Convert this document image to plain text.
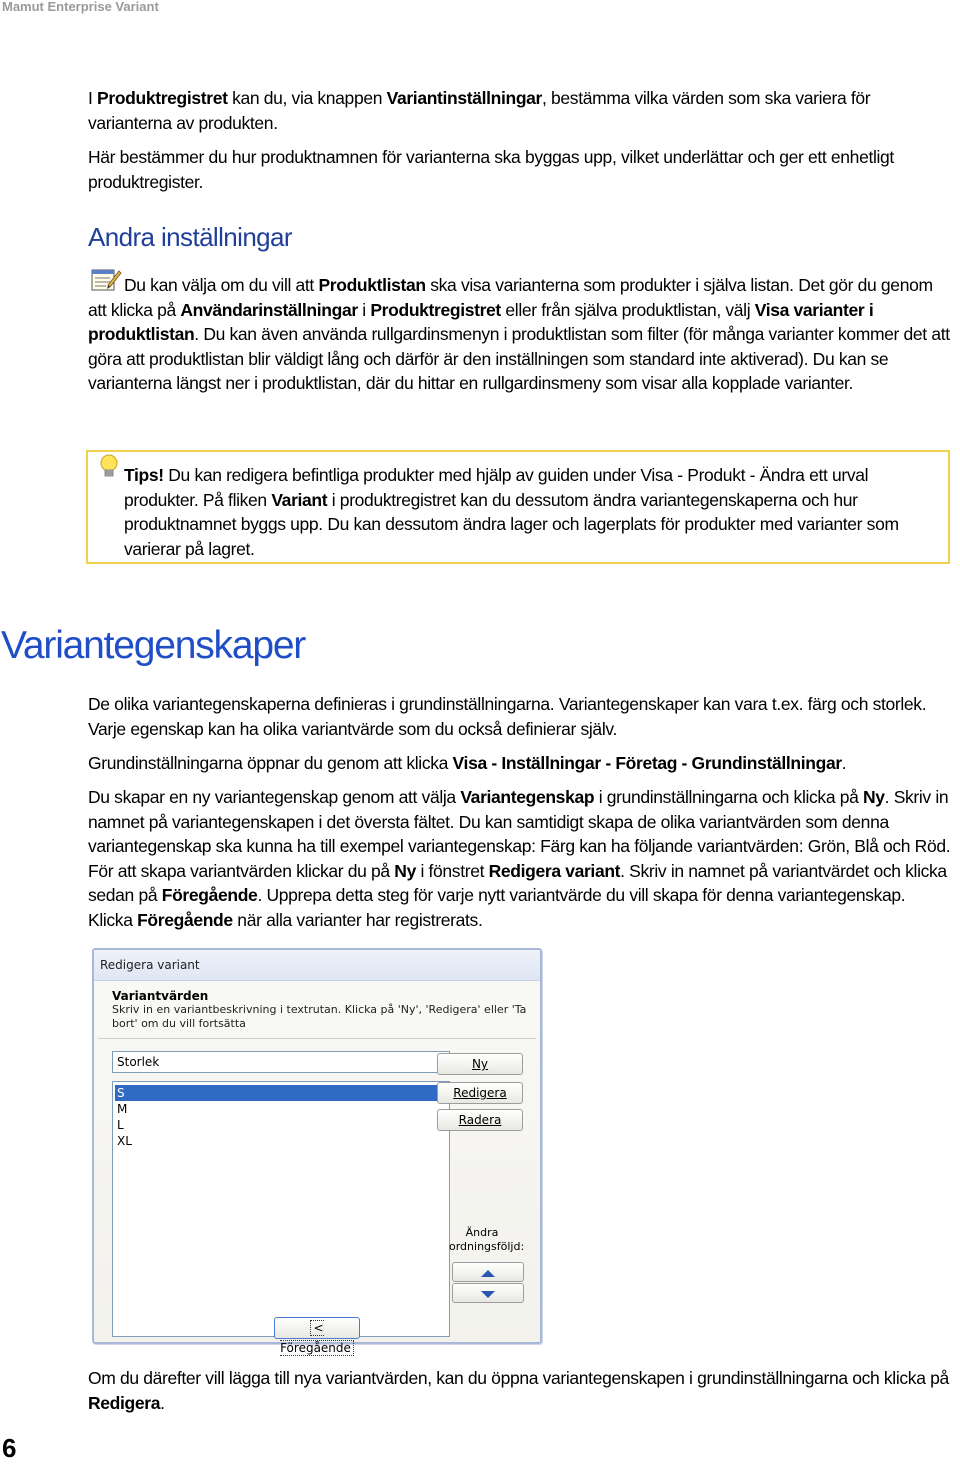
Mamut Enterprise Variant
I Produktregistret kan du, via knappen Variantinställningar, bestämma vilka värden som ska variera för varianterna av produkten.
Här bestämmer du hur produktnamnen för varianterna ska byggas upp, vilket underlättar och ger ett enhetligt produktregister.
Andra inställningar
Du kan välja om du vill att Produktlistan ska visa varianterna som produkter i själva listan. Det gör du genom att klicka på Användarinställningar i Produktregistret eller från själva produktlistan, välj Visa varianter i produktlistan. Du kan även använda rullgardinsmenyn i produktlistan som filter (för många varianter kommer det att göra att produktlistan blir väldigt lång och därför är den inställningen som standard inte aktiverad). Du kan se varianterna längst ner i produktlistan, där du hittar en rullgardinsmeny som visar alla kopplade varianter.
Tips! Du kan redigera befintliga produkter med hjälp av guiden under Visa - Produkt - Ändra ett urval produkter. På fliken Variant i produktregistret kan du dessutom ändra variantegenskaperna och hur produktnamnet byggs upp. Du kan dessutom ändra lager och lagerplats för produkter med varianter som varierar på lagret.
Variantegenskaper
De olika variantegenskaperna definieras i grundinställningarna. Variantegenskaper kan vara t.ex. färg och storlek. Varje egenskap kan ha olika variantvärde som du också definierar själv.
Grundinställningarna öppnar du genom att klicka Visa - Inställningar - Företag - Grundinställningar.
Du skapar en ny variantegenskap genom att välja Variantegenskap i grundinställningarna och klicka på Ny. Skriv in namnet på variantegenskapen i det översta fältet. Du kan samtidigt skapa de olika variantvärden som denna variantegenskap ska kunna ha till exempel variantegenskap: Färg kan ha följande variantvärden: Grön, Blå och Röd. För att skapa variantvärden klickar du på Ny i fönstret Redigera variant. Skriv in namnet på variantvärdet och klicka sedan på Föregående. Upprepa detta steg för varje nytt variantvärde du vill skapa för denna variantegenskap. Klicka Föregående när alla varianter har registrerats.
Redigera variant
Variantvärden
Skriv in en variantbeskrivning i textrutan. Klicka på 'Ny', 'Redigera' eller 'Ta bort' om du vill fortsätta
Storlek
S
M
L
XL
Ny
Redigera
Radera
Ändra ordningsföljd:
< Föregående
Om du därefter vill lägga till nya variantvärden, kan du öppna variantegenskapen i grundinställningarna och klicka på Redigera.
6
